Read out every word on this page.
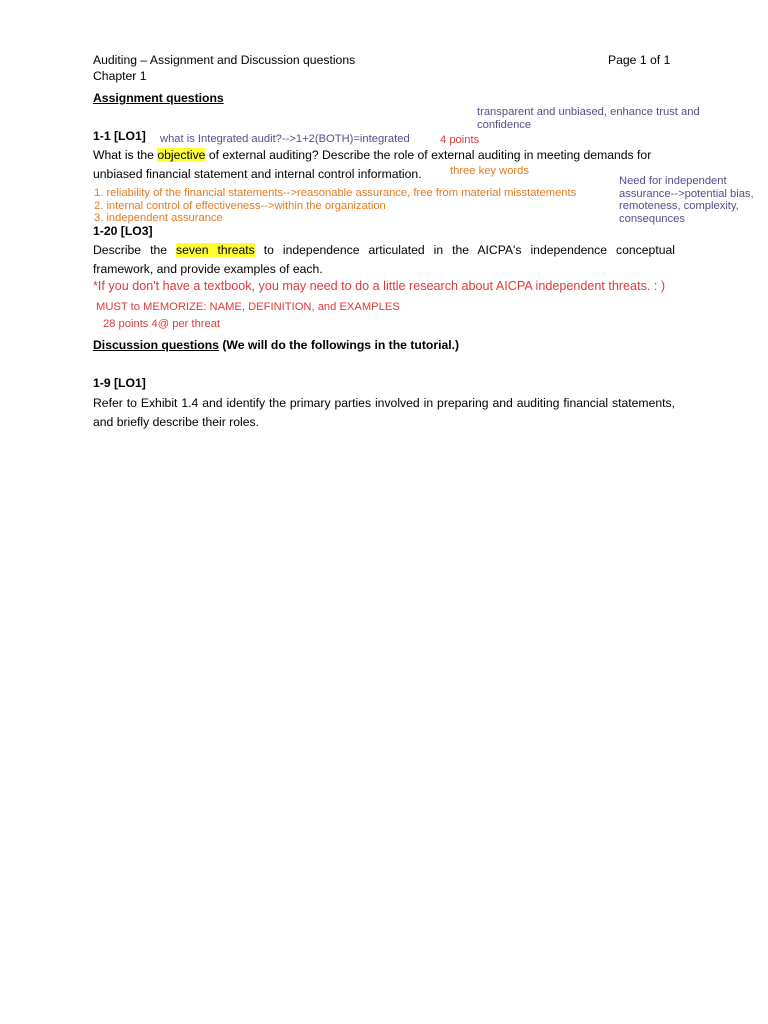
Auditing – Assignment and Discussion questions	Page 1 of 1
Chapter 1
Assignment questions
transparent and unbiased, enhance trust and
confidence
1-1 [LO1] what is Integrated audit?-->1+2(BOTH)=integrated	4 points
What is the objective of external auditing? Describe the role of external auditing in meeting demands for
unbiased financial statement and internal control information.	three key words
Need for independent
assurance-->potential bias,
remoteness, complexity,
consequnces
1. reliability of the financial statements-->reasonable assurance, free from material misstatements
2. internal control of effectiveness-->within the organization
3. independent assurance
1-20 [LO3]
Describe the seven threats to independence articulated in the AICPA's independence conceptual framework, and provide examples of each.
*If you don't have a textbook, you may need to do a little research about AICPA independent threats. : )
MUST to MEMORIZE: NAME, DEFINITION, and EXAMPLES
28 points 4@ per threat
Discussion questions (We will do the followings in the tutorial.)
1-9 [LO1]
Refer to Exhibit 1.4 and identify the primary parties involved in preparing and auditing financial statements, and briefly describe their roles.
